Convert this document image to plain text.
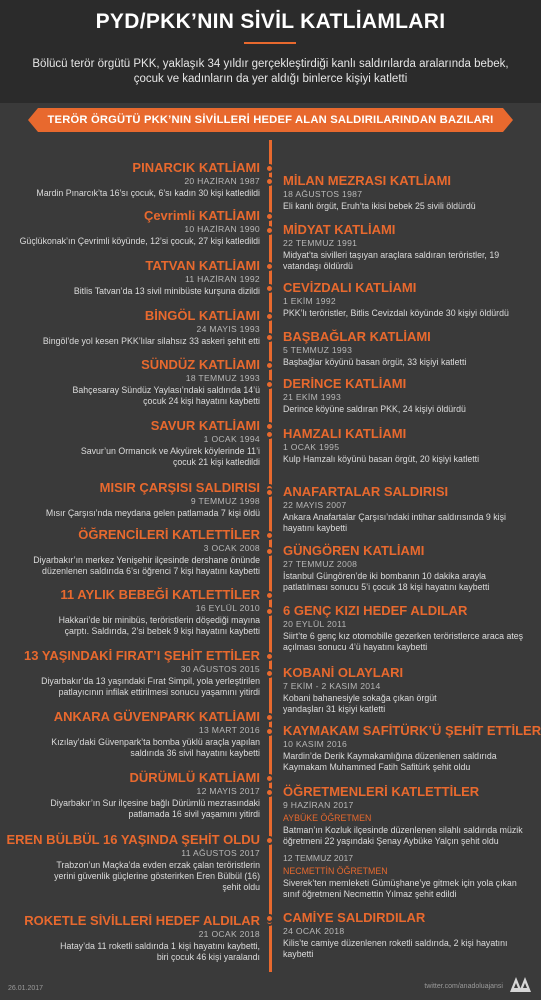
PYD/PKK’NIN SİVİL KATLİAMLARI
Bölücü terör örgütü PKK, yaklaşık 34 yıldır gerçekleştirdiği kanlı saldırılarda aralarında bebek, çocuk ve kadınların da yer aldığı binlerce kişiyi katletti
TERÖR ÖRGÜTÜ PKK’NIN SİVİLLERİ HEDEF ALAN SALDIRILARINDAN BAZILARI
PINARCIK KATLİAMI
20 HAZİRAN 1987
Mardin Pınarcık’ta 16’sı çocuk, 6’sı kadın 30 kişi katledildi
Çevrimli KATLİAMI
10 HAZİRAN 1990
Güçlükonak’ın Çevrimli köyünde, 12’si çocuk, 27 kişi katledildi
TATVAN KATLİAMI
11 HAZİRAN 1992
Bitlis Tatvan’da 13 sivil minibüste kurşuna dizildi
BİNGÖL KATLİAMI
24 MAYIS 1993
Bingöl’de yol kesen PKK’lılar silahsız 33 askeri şehit etti
SÜNDÜZ KATLİAMI
18 TEMMUZ 1993
Bahçesaray Sündüz Yaylası’ndaki saldırıda 14’ü çocuk 24 kişi hayatını kaybetti
SAVUR KATLİAMI
1 OCAK 1994
Savur’un Ormancık ve Akyürek köylerinde 11’i çocuk 21 kişi katledildi
MISIR ÇARŞISI SALDIRISI
9 TEMMUZ 1998
Mısır Çarşısı’nda meydana gelen patlamada 7 kişi öldü
ÖĞRENCİLERİ KATLETTİLER
3 OCAK 2008
Diyarbakır’ın merkez Yenişehir ilçesinde dershane önünde düzenlenen saldırıda 6’sı öğrenci 7 kişi hayatını kaybetti
11 AYLIK BEBEĞİ KATLETTİLER
16 EYLÜL 2010
Hakkari’de bir minibüs, teröristlerin döşediği mayına çarptı. Saldırıda, 2’si bebek 9 kişi hayatını kaybetti
13 YAŞINDAKİ FIRAT’I ŞEHİT ETTİLER
30 AĞUSTOS 2015
Diyarbakır’da 13 yaşındaki Fırat Simpil, yola yerleştirilen patlayıcının infilak ettirilmesi sonucu yaşamını yitirdi
ANKARA GÜVENPARK KATLİAMI
13 MART 2016
Kızılay’daki Güvenpark’ta bomba yüklü araçla yapılan saldırıda 36 sivil hayatını kaybetti
DÜRÜMLÜ KATLİAMI
12 MAYIS 2017
Diyarbakır’ın Sur ilçesine bağlı Dürümlü mezrasındaki patlamada 16 sivil yaşamını yitirdi
EREN BÜLBÜL 16 YAŞINDA ŞEHİT OLDU
11 AĞUSTOS 2017
Trabzon’un Maçka’da evden erzak çalan teröristlerin yerini güvenlik güçlerine gösterirken Eren Bülbül (16) şehit oldu
ROKETLE SİVİLLERİ HEDEF ALDILAR
21 OCAK 2018
Hatay’da 11 roketli saldırıda 1 kişi hayatını kaybetti, biri çocuk 46 kişi yaralandı
MİLAN MEZRASI KATLİAMI
18 AĞUSTOS 1987
Eli kanlı örgüt, Eruh’ta ikisi bebek 25 sivili öldürdü
MİDYAT KATLİAMI
22 TEMMUZ 1991
Midyat’ta sivilleri taşıyan araçlara saldıran teröristler, 19 vatandaşı öldürdü
CEVİZDALI KATLİAMI
1 EKİM 1992
PKK’lı teröristler, Bitlis Cevizdalı köyünde 30 kişiyi öldürdü
BAŞBAĞLAR KATLİAMI
5 TEMMUZ 1993
Başbağlar köyünü basan örgüt, 33 kişiyi katletti
DERİNCE KATLİAMI
21 EKİM 1993
Derince köyüne saldıran PKK, 24 kişiyi öldürdü
HAMZALI KATLİAMI
1 OCAK 1995
Kulp Hamzalı köyünü basan örgüt, 20 kişiyi katletti
ANAFARTALAR SALDIRISI
22 MAYIS 2007
Ankara Anafartalar Çarşısı’ndaki intihar saldırısında 9 kişi hayatını kaybetti
GÜNGÖREN KATLİAMI
27 TEMMUZ 2008
İstanbul Güngören’de iki bombanın 10 dakika arayla patlatılması sonucu 5’i çocuk 18 kişi hayatını kaybetti
6 GENÇ KIZI HEDEF ALDILAR
20 EYLÜL 2011
Siirt’te 6 genç kız otomobille gezerken teröristlerce araca ateş açılması sonucu 4’ü hayatını kaybetti
KOBANİ OLAYLARI
7 EKİM - 2 KASIM 2014
Kobani bahanesiyle sokağa çıkan örgüt yandaşları 31 kişiyi katletti
KAYMAKAM SAFİTÜRK’Ü ŞEHİT ETTİLER
10 KASIM 2016
Mardin’de Derik Kaymakamlığına düzenlenen saldırıda Kaymakam Muhammed Fatih Safitürk şehit oldu
ÖĞRETMENLERİ KATLETTİLER
9 HAZİRAN 2017
AYBÜKE ÖĞRETMEN
Batman’ın Kozluk ilçesinde düzenlenen silahlı saldırıda müzik öğretmeni 22 yaşındaki Şenay Aybüke Yalçın şehit oldu
12 TEMMUZ 2017
NECMETTİN ÖĞRETMEN
Siverek’ten memleketi Gümüşhane’ye gitmek için yola çıkan sınıf öğretmeni Necmettin Yılmaz şehit edildi
CAMİYE SALDIRDILAR
24 OCAK 2018
Kilis’te camiye düzenlenen roketli saldırıda, 2 kişi hayatını kaybetti
26.01.2017	twitter.com/anadoluajansi
